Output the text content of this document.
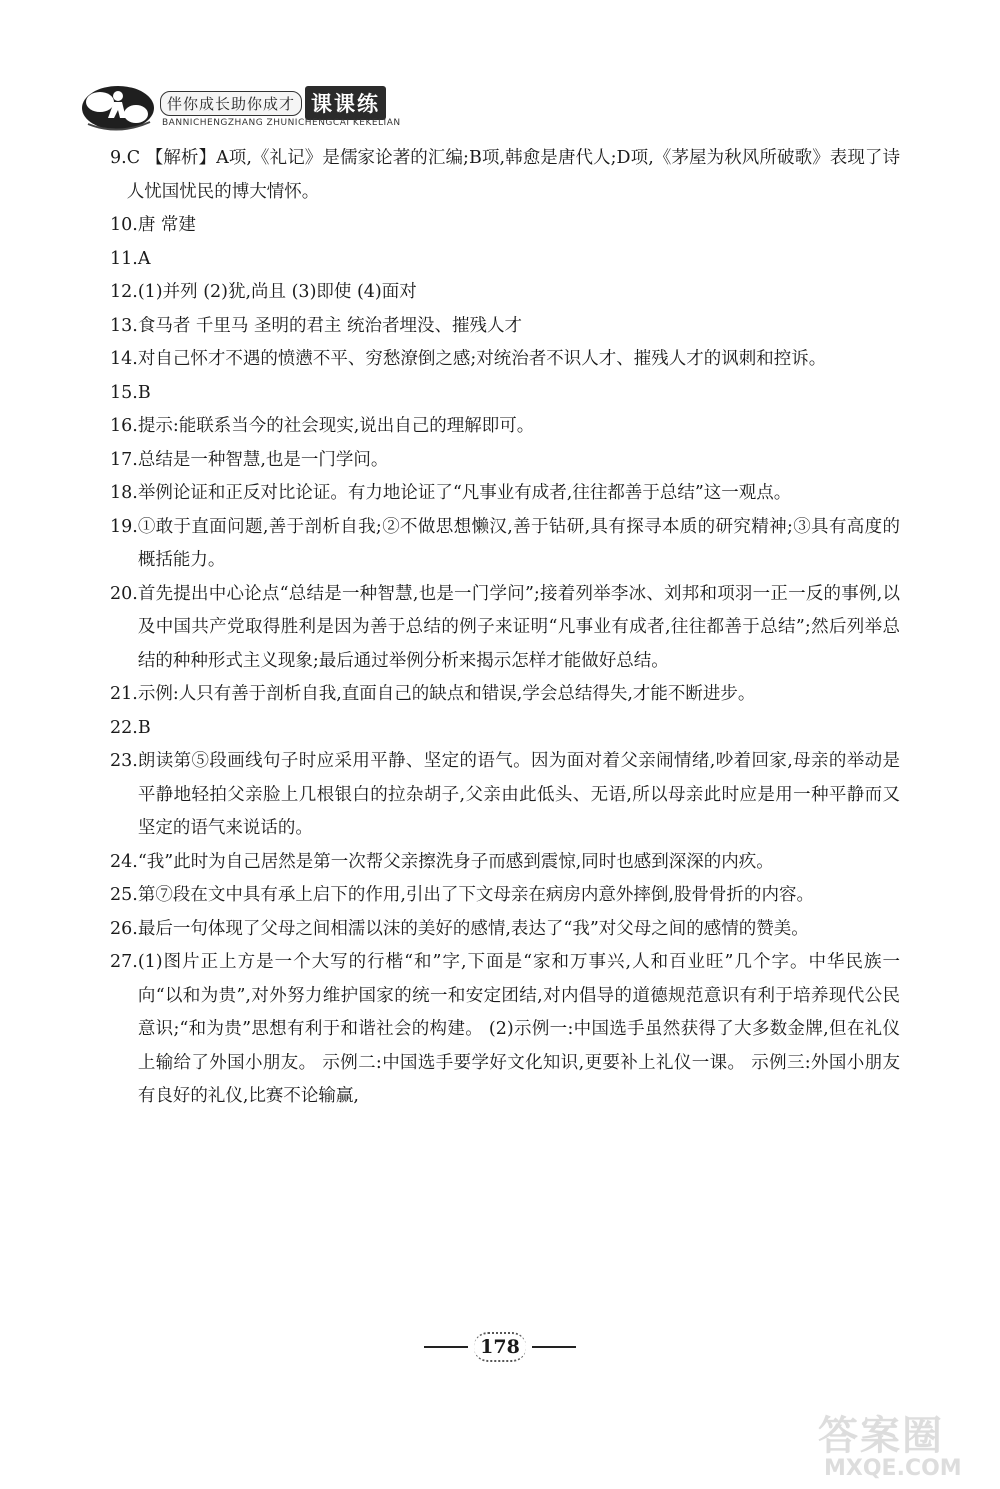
伴你成长助你成才 课课练
BANNICHENGZHANG ZHUNICHENGCAI KEKELIAN
9. C 【解析】A项,《礼记》是儒家论著的汇编;B项,韩愈是唐代人;D项,《茅屋为秋风所破歌》表现了诗人忧国忧民的博大情怀。
10. 唐 常建
11. A
12. (1)并列 (2)犹,尚且 (3)即使 (4)面对
13. 食马者 千里马 圣明的君主 统治者埋没、摧残人才
14. 对自己怀才不遇的愤懑不平、穷愁潦倒之感;对统治者不识人才、摧残人才的讽刺和控诉。
15. B
16. 提示:能联系当今的社会现实,说出自己的理解即可。
17. 总结是一种智慧,也是一门学问。
18. 举例论证和正反对比论证。有力地论证了“凡事业有成者,往往都善于总结”这一观点。
19. ①敢于直面问题,善于剖析自我;②不做思想懒汉,善于钻研,具有探寻本质的研究精神;③具有高度的概括能力。
20. 首先提出中心论点“总结是一种智慧,也是一门学问”;接着列举李冰、刘邦和项羽一正一反的事例,以及中国共产党取得胜利是因为善于总结的例子来证明“凡事业有成者,往往都善于总结”;然后列举总结的种种形式主义现象;最后通过举例分析来揭示怎样才能做好总结。
21. 示例:人只有善于剖析自我,直面自己的缺点和错误,学会总结得失,才能不断进步。
22. B
23. 朗读第⑤段画线句子时应采用平静、坚定的语气。因为面对着父亲闹情绪,吵着回家,母亲的举动是平静地轻拍父亲脸上几根银白的拉杂胡子,父亲由此低头、无语,所以母亲此时应是用一种平静而又坚定的语气来说话的。
24. “我”此时为自己居然是第一次帮父亲擦洗身子而感到震惊,同时也感到深深的内疚。
25. 第⑦段在文中具有承上启下的作用,引出了下文母亲在病房内意外摔倒,股骨骨折的内容。
26. 最后一句体现了父母之间相濡以沫的美好的感情,表达了“我”对父母之间的感情的赞美。
27. (1)图片正上方是一个大写的行楷“和”字,下面是“家和万事兴,人和百业旺”几个字。中华民族一向“以和为贵”,对外努力维护国家的统一和安定团结,对内倡导的道德规范意识有利于培养现代公民意识;“和为贵”思想有利于和谐社会的构建。 (2)示例一:中国选手虽然获得了大多数金牌,但在礼仪上输给了外国小朋友。 示例二:中国选手要学好文化知识,更要补上礼仪一课。 示例三:外国小朋友有良好的礼仪,比赛不论输赢,
178
答案圈
MXQE.COM
